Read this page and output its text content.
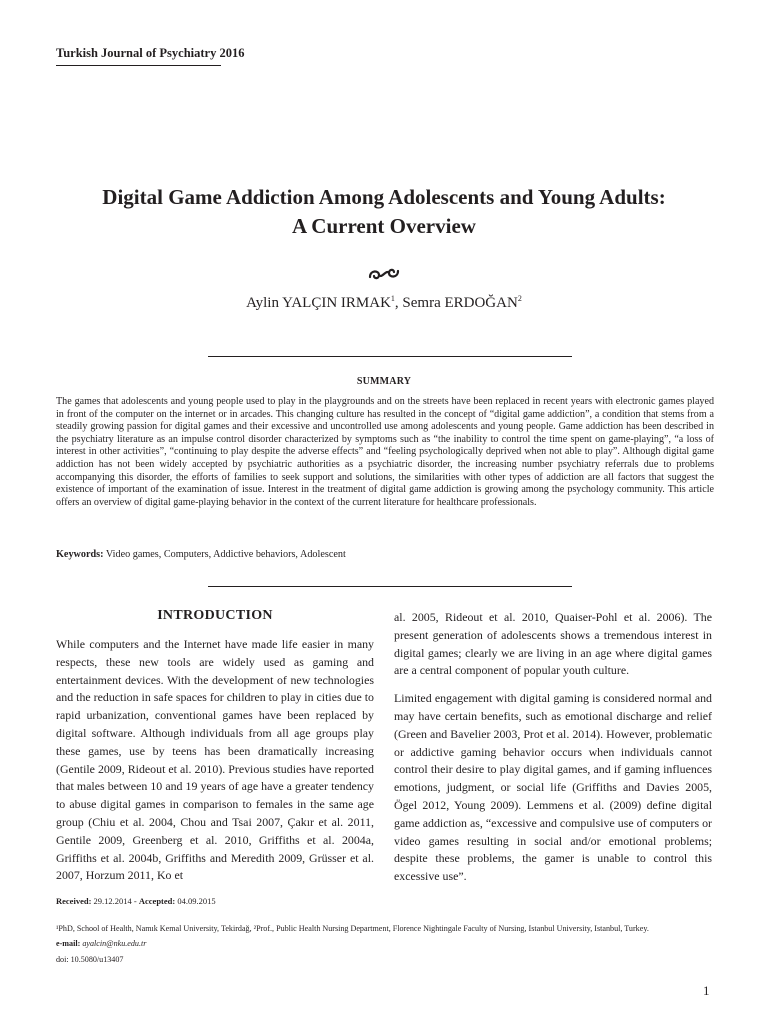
Turkish Journal of Psychiatry 2016
Digital Game Addiction Among Adolescents and Young Adults:
A Current Overview
Aylin YALÇIN IRMAK$^1$, Semra ERDOĞAN$^2$
SUMMARY

The games that adolescents and young people used to play in the playgrounds and on the streets have been replaced in recent years with electronic games played in front of the computer on the internet or in arcades. This changing culture has resulted in the concept of “digital game addiction”, a condition that stems from a steadily growing passion for digital games and their excessive and uncontrolled use among adolescents and young people. Game addiction has been described in the psychiatry literature as an impulse control disorder characterized by symptoms such as “the inability to control the time spent on game-playing”, “a loss of interest in other activities”, “continuing to play despite the adverse effects” and “feeling psychologically deprived when not able to play”. Although digital game addiction has not been widely accepted by psychiatric authorities as a psychiatric disorder, the increasing number psychiatry referrals due to problems accompanying this disorder, the efforts of families to seek support and solutions, the similarities with other types of addiction are all factors that suggest the existence of important of the examination of issue. Interest in the treatment of digital game addiction is growing among the psychology community. This article offers an overview of digital game-playing behavior in the context of the current literature for healthcare professionals.

Keywords: Video games, Computers, Addictive behaviors, Adolescent
INTRODUCTION

While computers and the Internet have made life easier in many respects, these new tools are widely used as gaming and entertainment devices. With the development of new technologies and the reduction in safe spaces for children to play in cities due to rapid urbanization, conventional games have been replaced by digital software. Although individuals from all age groups play these games, use by teens has been dramatically increasing (Gentile 2009, Rideout et al. 2010). Previous studies have reported that males between 10 and 19 years of age have a greater tendency to abuse digital games in comparison to females in the same age group (Chiu et al. 2004, Chou and Tsai 2007, Çakır et al. 2011, Gentile 2009, Greenberg et al. 2010, Griffiths et al. 2004a, Griffiths et al. 2004b, Griffiths and Meredith 2009, Grüsser et al. 2007, Horzum 2011, Ko et

al. 2005, Rideout et al. 2010, Quaiser-Pohl et al. 2006). The present generation of adolescents shows a tremendous interest in digital games; clearly we are living in an age where digital games are a central component of popular youth culture.

Limited engagement with digital gaming is considered normal and may have certain benefits, such as emotional discharge and relief (Green and Bavelier 2003, Prot et al. 2014). However, problematic or addictive gaming behavior occurs when individuals cannot control their desire to play digital games, and if gaming influences emotions, judgment, or social life (Griffiths and Davies 2005, Ögel 2012, Young 2009). Lemmens et al. (2009) define digital game addiction as, “excessive and compulsive use of computers or video games resulting in social and/or emotional problems; despite these problems, the gamer is unable to control this excessive use”.

Received: 29.12.2014 - Accepted: 04.09.2015
¹PhD, School of Health, Namık Kemal University, Tekirdağ, ²Prof., Public Health Nursing Department, Florence Nightingale Faculty of Nursing, Istanbul University, Istanbul, Turkey.
e-mail: ayalcin@nku.edu.tr
doi: 10.5080/u13407
1
